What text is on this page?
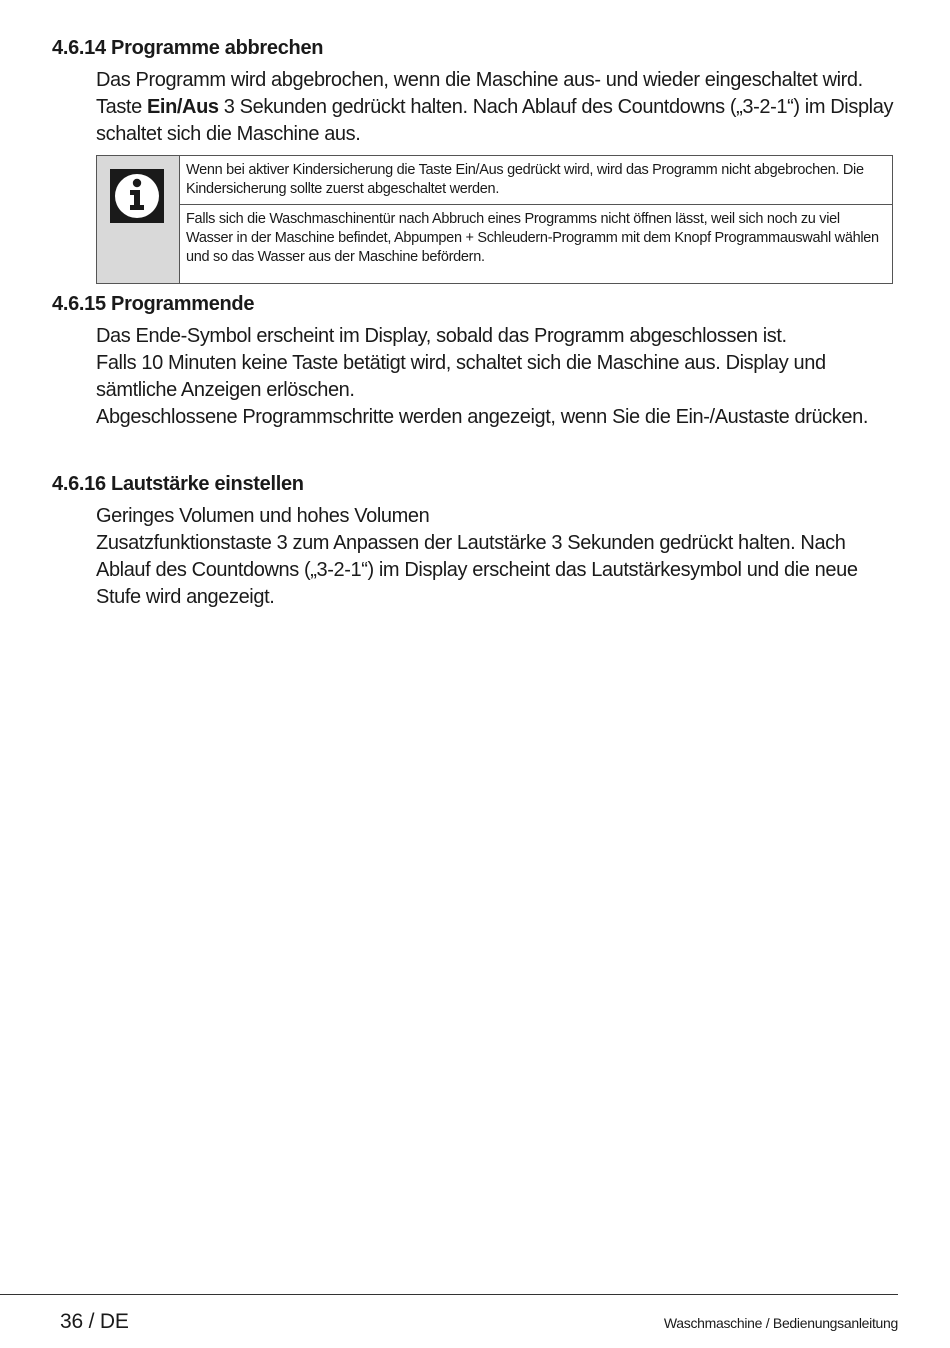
4.6.14 Programme abbrechen

Das Programm wird abgebrochen, wenn die Maschine aus- und wieder eingeschaltet wird. Taste Ein/Aus 3 Sekunden gedrückt halten. Nach Ablauf des Countdowns („3-2-1“) im Display schaltet sich die Maschine aus.

Wenn bei aktiver Kindersicherung die Taste Ein/Aus gedrückt wird, wird das Programm nicht abgebrochen. Die Kindersicherung sollte zuerst abgeschaltet werden.
Falls sich die Waschmaschinentür nach Abbruch eines Programms nicht öffnen lässt, weil sich noch zu viel Wasser in der Maschine befindet, Abpumpen + Schleudern-Programm mit dem Knopf Programmauswahl wählen und so das Wasser aus der Maschine befördern.
4.6.15 Programmende

Das Ende-Symbol erscheint im Display, sobald das Programm abgeschlossen ist.

Falls 10 Minuten keine Taste betätigt wird, schaltet sich die Maschine aus. Display und sämtliche Anzeigen erlöschen.

Abgeschlossene Programmschritte werden angezeigt, wenn Sie die Ein-/Austaste drücken.

4.6.16 Lautstärke einstellen

Geringes Volumen und hohes Volumen

Zusatzfunktionstaste 3 zum Anpassen der Lautstärke 3 Sekunden gedrückt halten. Nach Ablauf des Countdowns („3-2-1“) im Display erscheint das Lautstärkesymbol und die neue Stufe wird angezeigt.

36 / DE	Waschmaschine / Bedienungsanleitung
